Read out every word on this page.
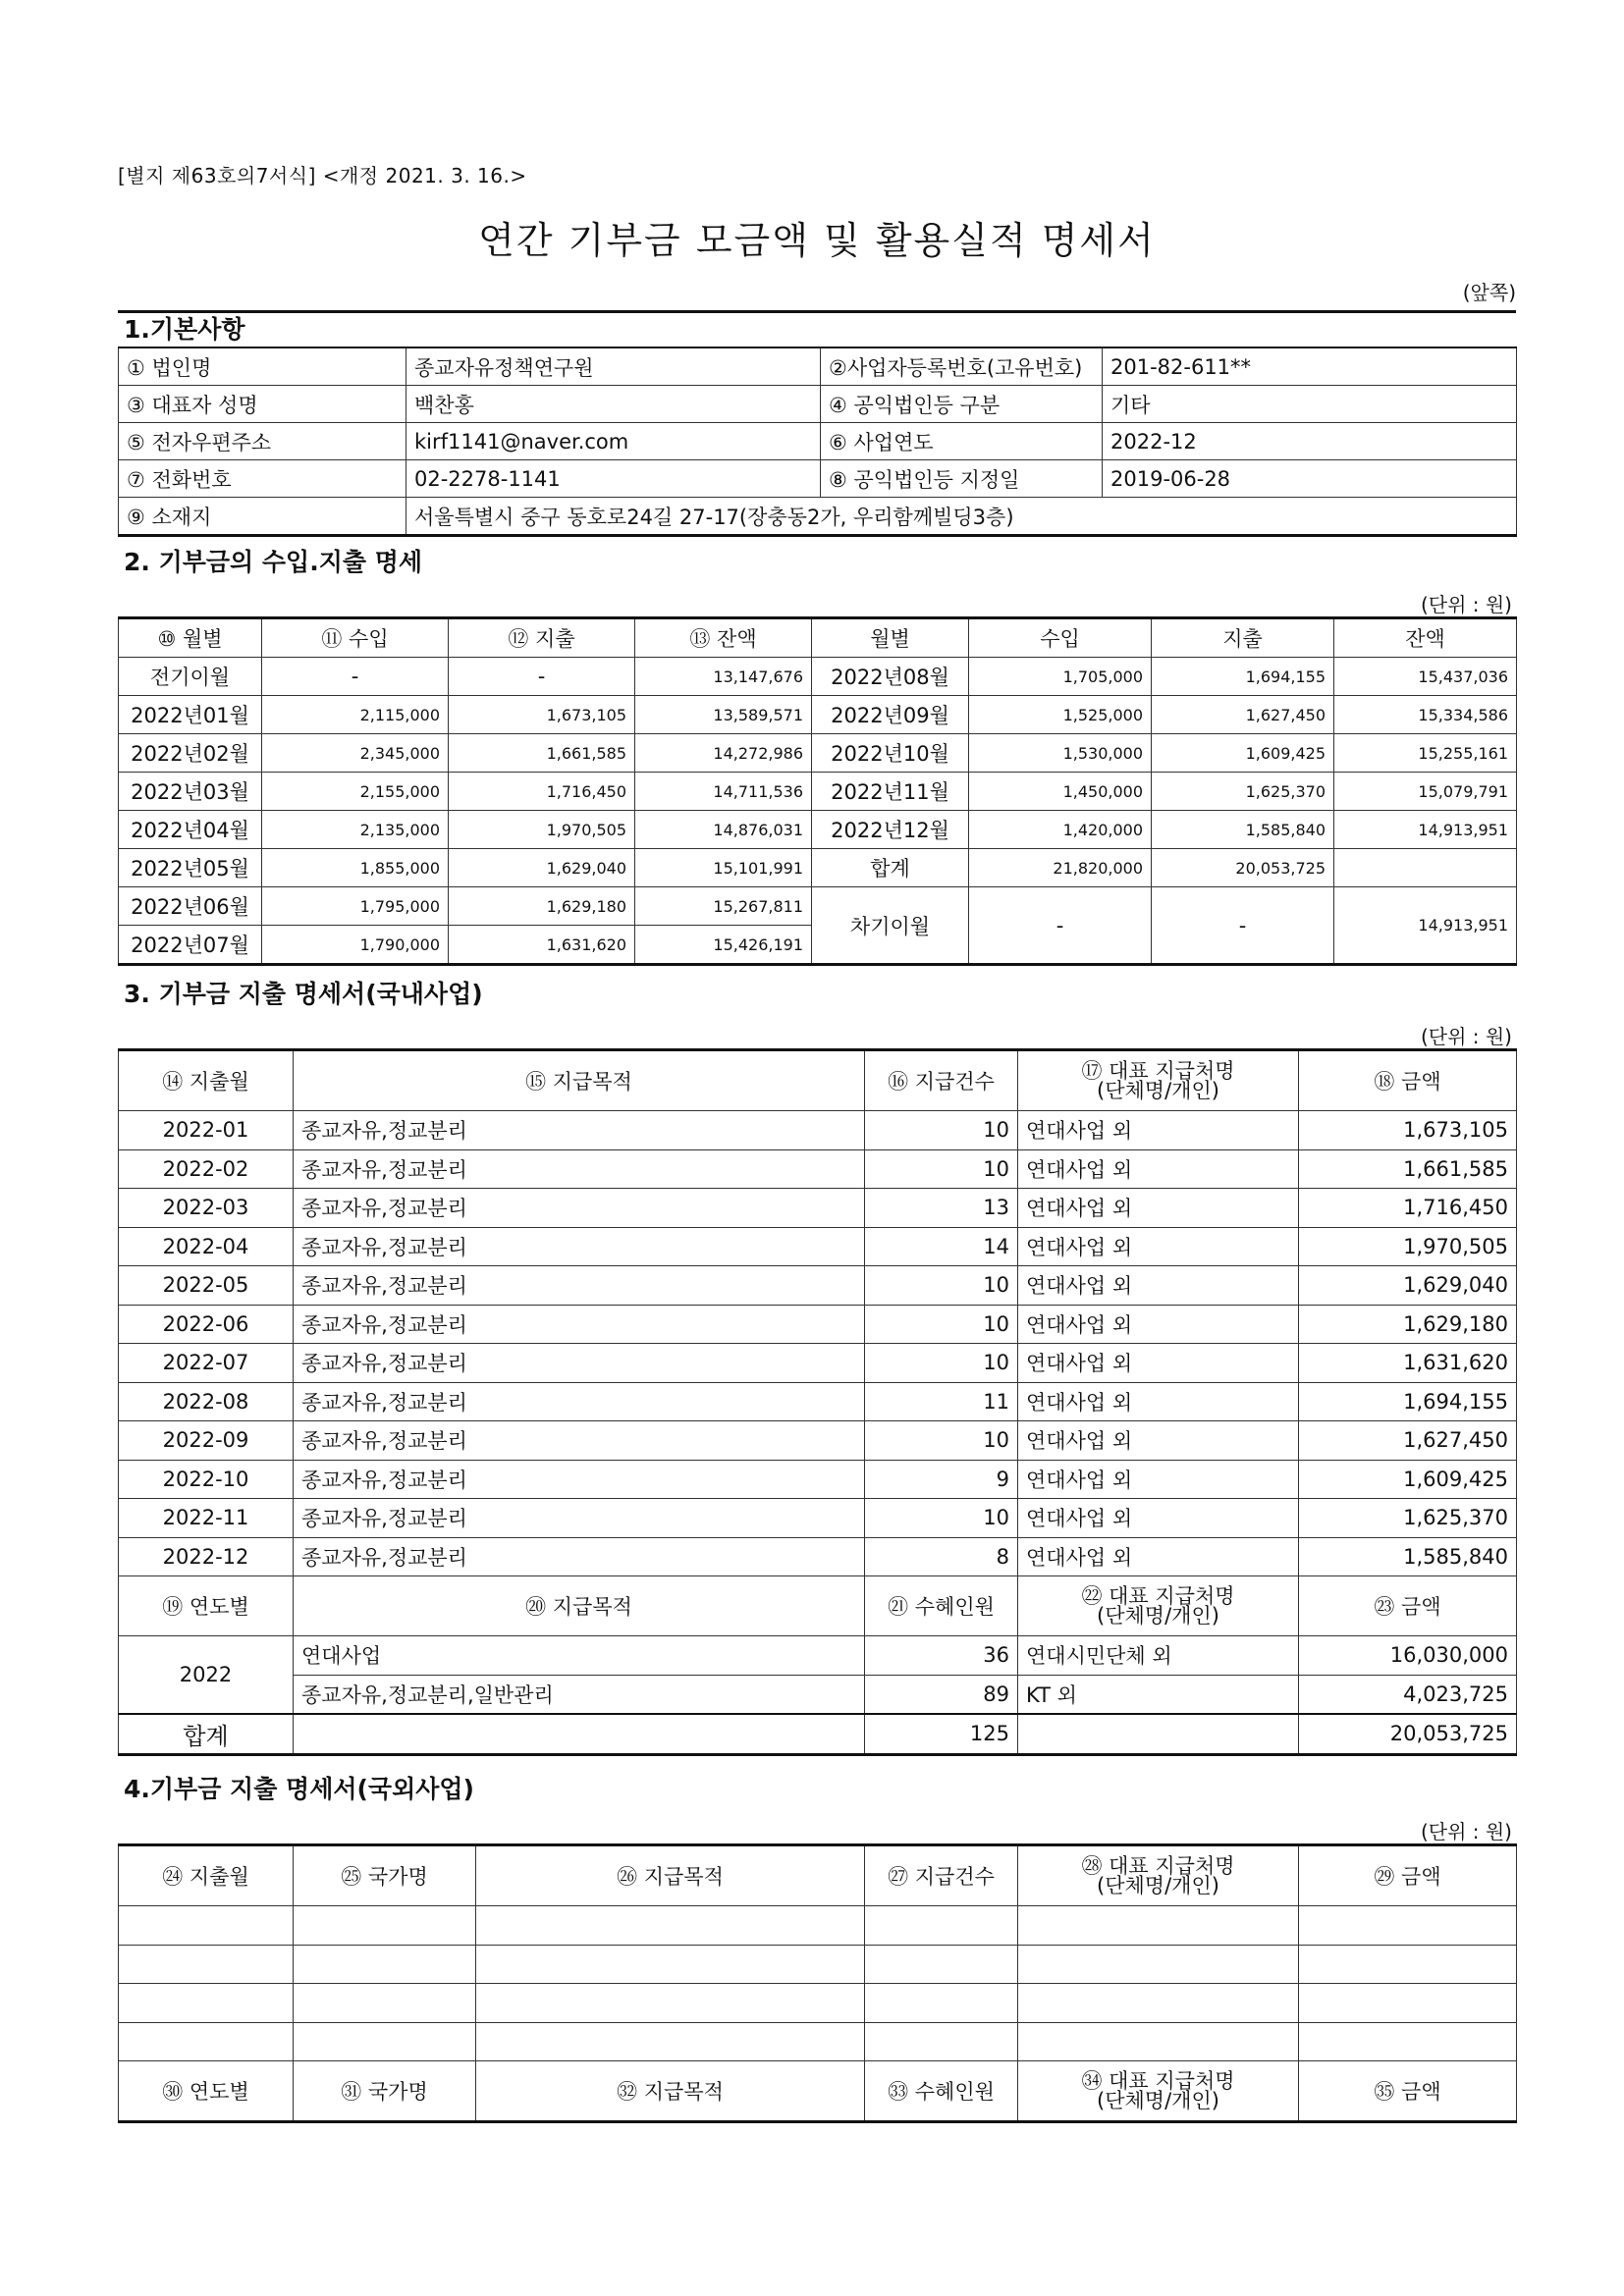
[별지 제63호의7서식] <개정 2021. 3. 16.>
연간 기부금 모금액 및 활용실적 명세서
(앞쪽)
1.기본사항
① 법인명	종교자유정책연구원	②사업자등록번호(고유번호)	201-82-611**
③ 대표자 성명	백찬홍	④ 공익법인등 구분	기타
⑤ 전자우편주소	kirf1141@naver.com	⑥ 사업연도	2022-12
⑦ 전화번호	02-2278-1141	⑧ 공익법인등 지정일	2019-06-28
⑨ 소재지	서울특별시 중구 동호로24길 27-17(장충동2가, 우리함께빌딩3층)		
2. 기부금의 수입.지출 명세
(단위 : 원)
⑩ 월별	⑪ 수입	⑫ 지출	⑬ 잔액	월별	수입	지출	잔액
전기이월	-	-	13,147,676	2022년08월	1,705,000	1,694,155	15,437,036
2022년01월	2,115,000	1,673,105	13,589,571	2022년09월	1,525,000	1,627,450	15,334,586
2022년02월	2,345,000	1,661,585	14,272,986	2022년10월	1,530,000	1,609,425	15,255,161
2022년03월	2,155,000	1,716,450	14,711,536	2022년11월	1,450,000	1,625,370	15,079,791
2022년04월	2,135,000	1,970,505	14,876,031	2022년12월	1,420,000	1,585,840	14,913,951
2022년05월	1,855,000	1,629,040	15,101,991	합계	21,820,000	20,053,725	
2022년06월	1,795,000	1,629,180	15,267,811	차기이월	-	-	14,913,951
2022년07월	1,790,000	1,631,620	15,426,191				
3. 기부금 지출 명세서(국내사업)
(단위 : 원)
⑭ 지출월	⑮ 지급목적	⑯ 지급건수	⑰ 대표 지급처명
(단체명/개인)	⑱ 금액
2022-01	종교자유,정교분리	10	연대사업 외	1,673,105
2022-02	종교자유,정교분리	10	연대사업 외	1,661,585
2022-03	종교자유,정교분리	13	연대사업 외	1,716,450
2022-04	종교자유,정교분리	14	연대사업 외	1,970,505
2022-05	종교자유,정교분리	10	연대사업 외	1,629,040
2022-06	종교자유,정교분리	10	연대사업 외	1,629,180
2022-07	종교자유,정교분리	10	연대사업 외	1,631,620
2022-08	종교자유,정교분리	11	연대사업 외	1,694,155
2022-09	종교자유,정교분리	10	연대사업 외	1,627,450
2022-10	종교자유,정교분리	9	연대사업 외	1,609,425
2022-11	종교자유,정교분리	10	연대사업 외	1,625,370
2022-12	종교자유,정교분리	8	연대사업 외	1,585,840
⑲ 연도별	⑳ 지급목적	㉑ 수혜인원	㉒ 대표 지급처명
(단체명/개인)	㉓ 금액
2022	연대사업	36	연대시민단체 외	16,030,000
	종교자유,정교분리,일반관리	89	KT 외	4,023,725
합계		125		20,053,725
4.기부금 지출 명세서(국외사업)
(단위 : 원)
㉔ 지출월	㉕ 국가명	㉖ 지급목적	㉗ 지급건수	㉘ 대표 지급처명
(단체명/개인)	㉙ 금액

㉚ 연도별	㉛ 국가명	㉜ 지급목적	㉝ 수혜인원	㉞ 대표 지급처명
(단체명/개인)	㉟ 금액
